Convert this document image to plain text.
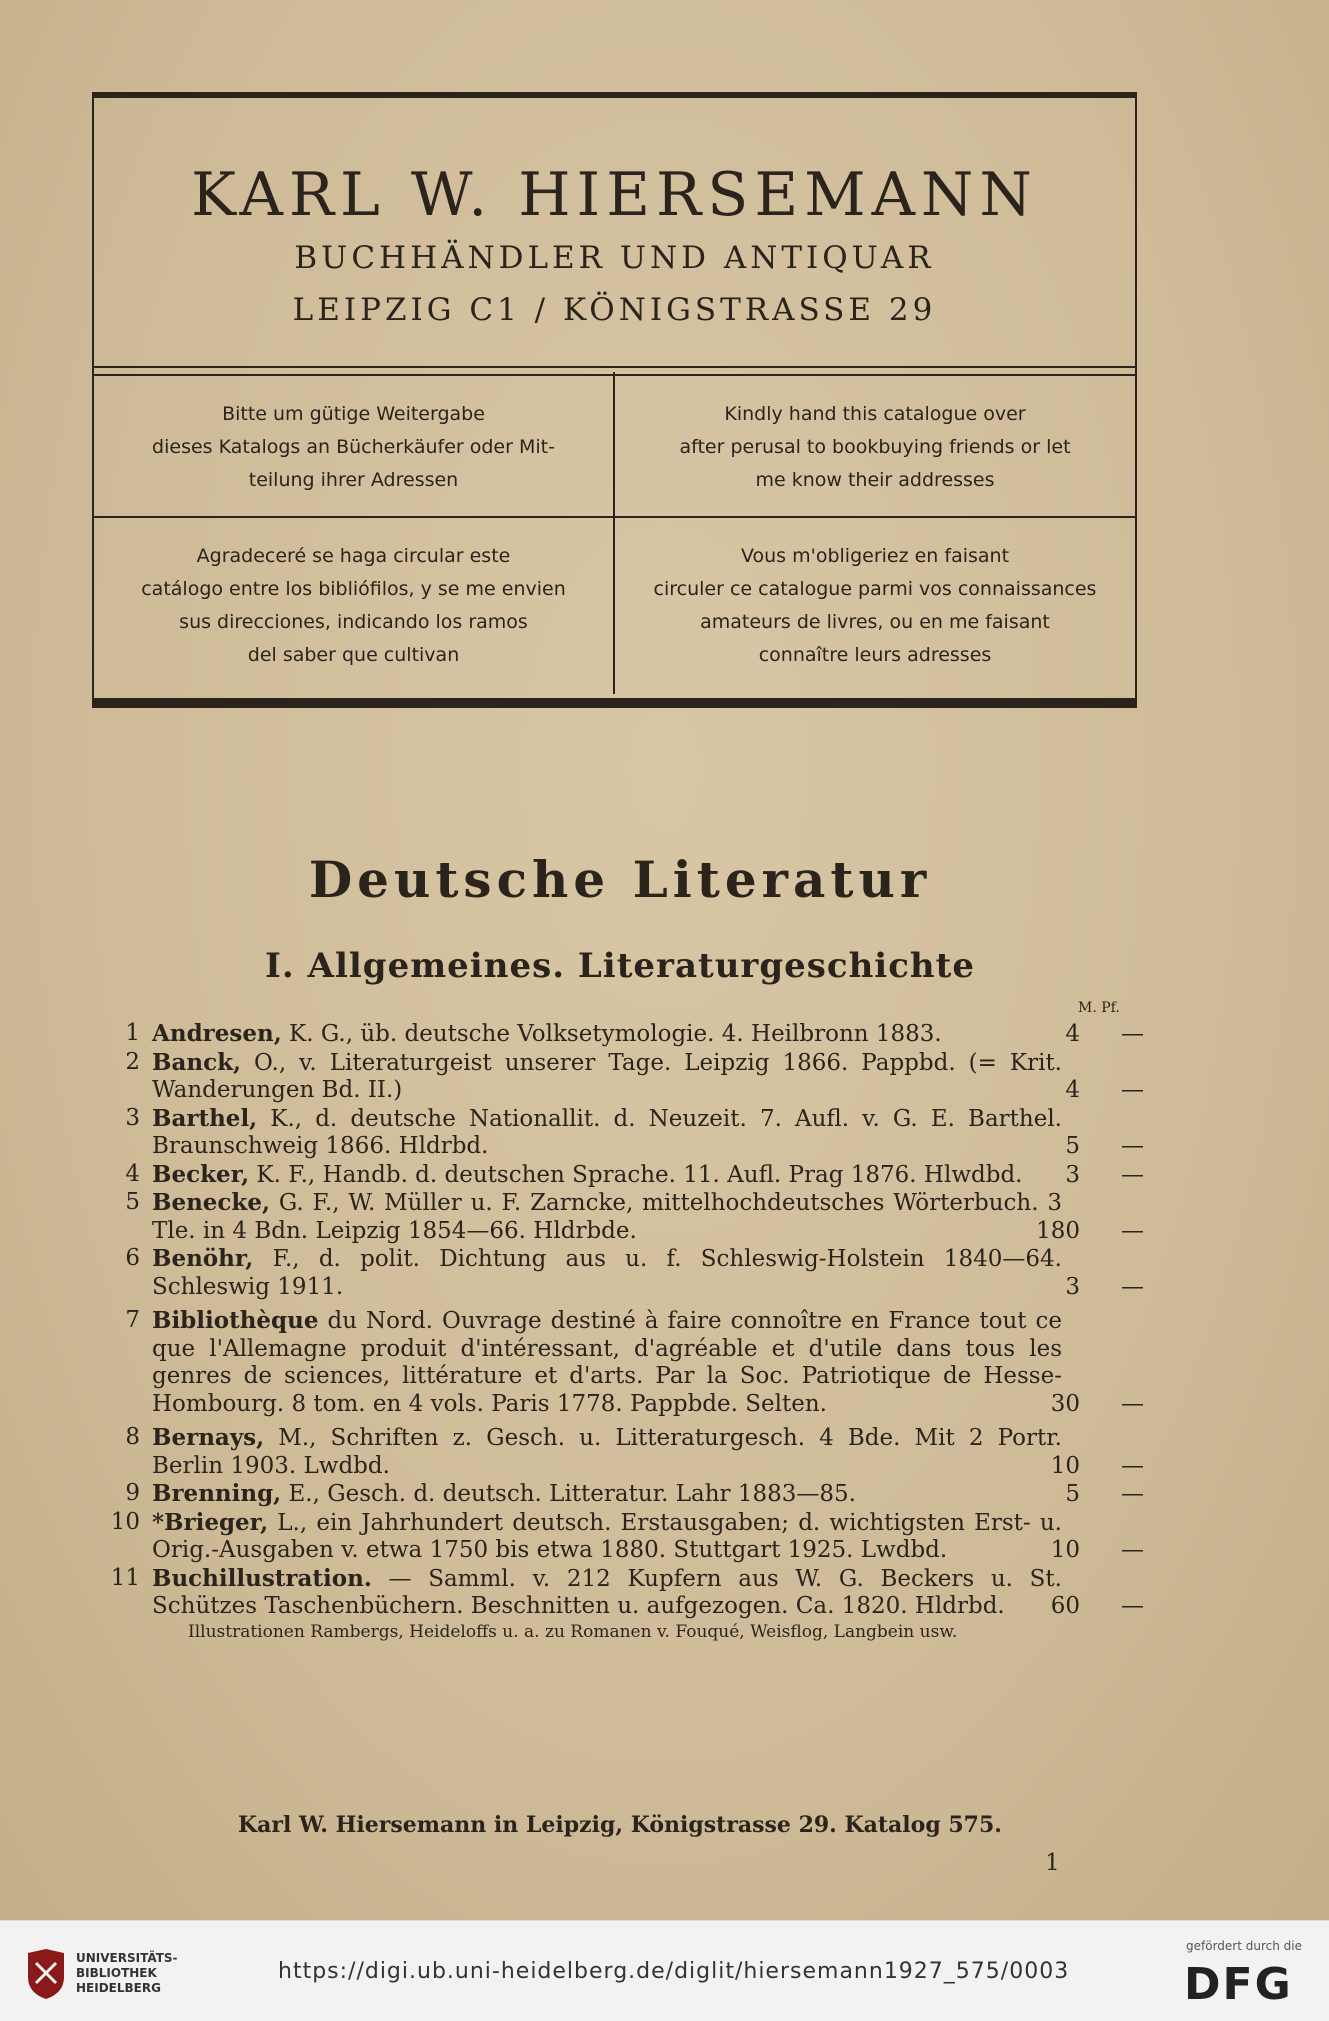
KARL W. HIERSEMANN
BUCHHÄNDLER UND ANTIQUAR
LEIPZIG C1 / KÖNIGSTRASSE 29
Bitte um gütige Weitergabe
dieses Katalogs an Bücherkäufer oder Mit-
teilung ihrer Adressen
Kindly hand this catalogue over
after perusal to bookbuying friends or let
me know their addresses
Agradeceré se haga circular este
catálogo entre los bibliófilos, y se me envien
sus direcciones, indicando los ramos
del saber que cultivan
Vous m'obligeriez en faisant
circuler ce catalogue parmi vos connaissances
amateurs de livres, ou en me faisant
connaître leurs adresses
Deutsche Literatur
I. Allgemeines. Literaturgeschichte
M. Pf.
1 Andresen, K. G., üb. deutsche Volksetymologie. 4. Heilbronn 1883.	4 —
2 Banck, O., v. Literaturgeist unserer Tage. Leipzig 1866. Pappbd. (= Krit. Wanderungen Bd. II.)	4 —
3 Barthel, K., d. deutsche Nationallit. d. Neuzeit. 7. Aufl. v. G. E. Barthel. Braunschweig 1866. Hldrbd.	5 —
4 Becker, K. F., Handb. d. deutschen Sprache. 11. Aufl. Prag 1876. Hlwdbd.	3 —
5 Benecke, G. F., W. Müller u. F. Zarncke, mittelhochdeutsches Wörterbuch. 3 Tle. in 4 Bdn. Leipzig 1854—66. Hldrbde.	180 —
6 Benöhr, F., d. polit. Dichtung aus u. f. Schleswig-Holstein 1840—64. Schleswig 1911.	3 —
7 Bibliothèque du Nord. Ouvrage destiné à faire connoître en France tout ce que l'Allemagne produit d'intéressant, d'agréable et d'utile dans tous les genres de sciences, littérature et d'arts. Par la Soc. Patriotique de Hesse-Hombourg. 8 tom. en 4 vols. Paris 1778. Pappbde. Selten.	30 —
8 Bernays, M., Schriften z. Gesch. u. Litteraturgesch. 4 Bde. Mit 2 Portr. Berlin 1903. Lwdbd.	10 —
9 Brenning, E., Gesch. d. deutsch. Litteratur. Lahr 1883—85.	5 —
10 *Brieger, L., ein Jahrhundert deutsch. Erstausgaben; d. wichtigsten Erst- u. Orig.-Ausgaben v. etwa 1750 bis etwa 1880. Stuttgart 1925. Lwdbd.	10 —
11 Buchillustration. — Samml. v. 212 Kupfern aus W. G. Beckers u. St. Schützes Taschenbüchern. Beschnitten u. aufgezogen. Ca. 1820. Hldrbd.	60 —
Illustrationen Rambergs, Heideloffs u. a. zu Romanen v. Fouqué, Weisflog, Langbein usw.
Karl W. Hiersemann in Leipzig, Königstrasse 29. Katalog 575.
1
UNIVERSITÄTS-
BIBLIOTHEK
HEIDELBERG
https://digi.ub.uni-heidelberg.de/diglit/hiersemann1927_575/0003
gefördert durch die
DFG
